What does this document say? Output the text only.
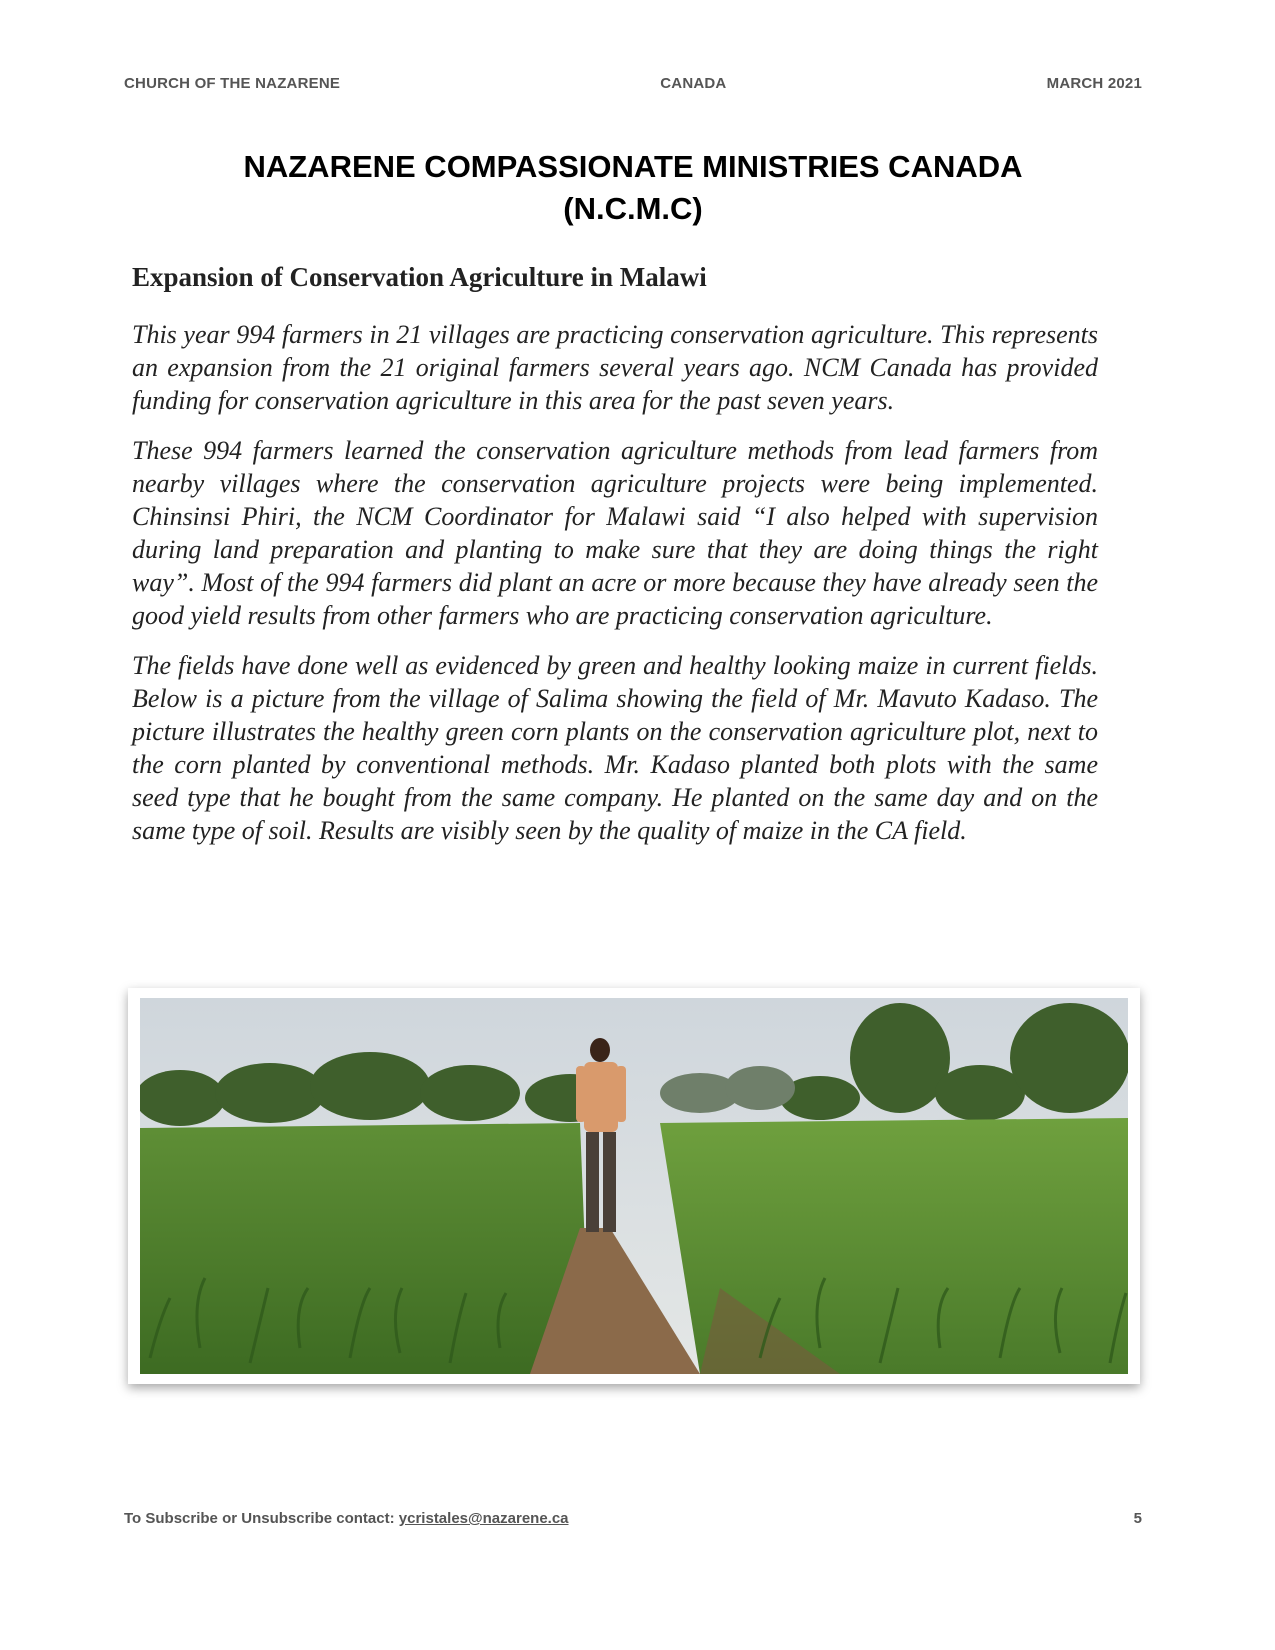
CHURCH OF THE NAZARENE	CANADA	MARCH 2021
NAZARENE COMPASSIONATE MINISTRIES CANADA
(N.C.M.C)
Expansion of Conservation Agriculture in Malawi

This year 994 farmers in 21 villages are practicing conservation agriculture. This represents an expansion from the 21 original farmers several years ago. NCM Canada has provided funding for conservation agriculture in this area for the past seven years.

These 994 farmers learned the conservation agriculture methods from lead farmers from nearby villages where the conservation agriculture projects were being implemented. Chinsinsi Phiri, the NCM Coordinator for Malawi said “I also helped with supervision during land preparation and planting to make sure that they are doing things the right way”. Most of the 994 farmers did plant an acre or more because they have already seen the good yield results from other farmers who are practicing conservation agriculture.

The fields have done well as evidenced by green and healthy looking maize in current fields. Below is a picture from the village of Salima showing the field of Mr. Mavuto Kadaso. The picture illustrates the healthy green corn plants on the conservation agriculture plot, next to the corn planted by conventional methods. Mr. Kadaso planted both plots with the same seed type that he bought from the same company. He planted on the same day and on the same type of soil. Results are visibly seen by the quality of maize in the CA field.

To Subscribe or Unsubscribe contact: ycristales@nazarene.ca	5
